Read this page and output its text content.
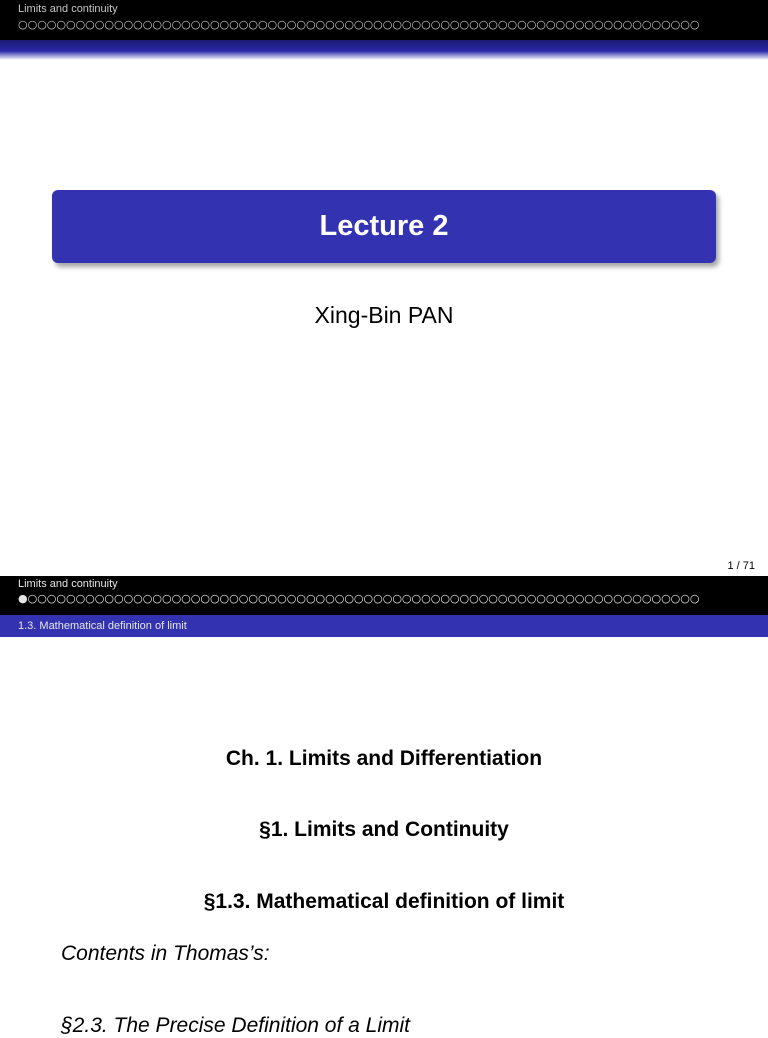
Limits and continuity
○○○○○○○○○○○○○○○○○○○○○○○○○○○○○○○○○○○○○○○○○○○○○○○○○○○○○○○○○○○○○○○○○○○○○○○
Lecture 2
Xing-Bin PAN
1 / 71
Limits and continuity
●○○○○○○○○○○○○○○○○○○○○○○○○○○○○○○○○○○○○○○○○○○○○○○○○○○○○○○○○○○○○○○○○○○○○○○
1.3. Mathematical definition of limit
Ch. 1. Limits and Differentiation
§1. Limits and Continuity
§1.3. Mathematical definition of limit
Contents in Thomas’s:
§2.3. The Precise Definition of a Limit
